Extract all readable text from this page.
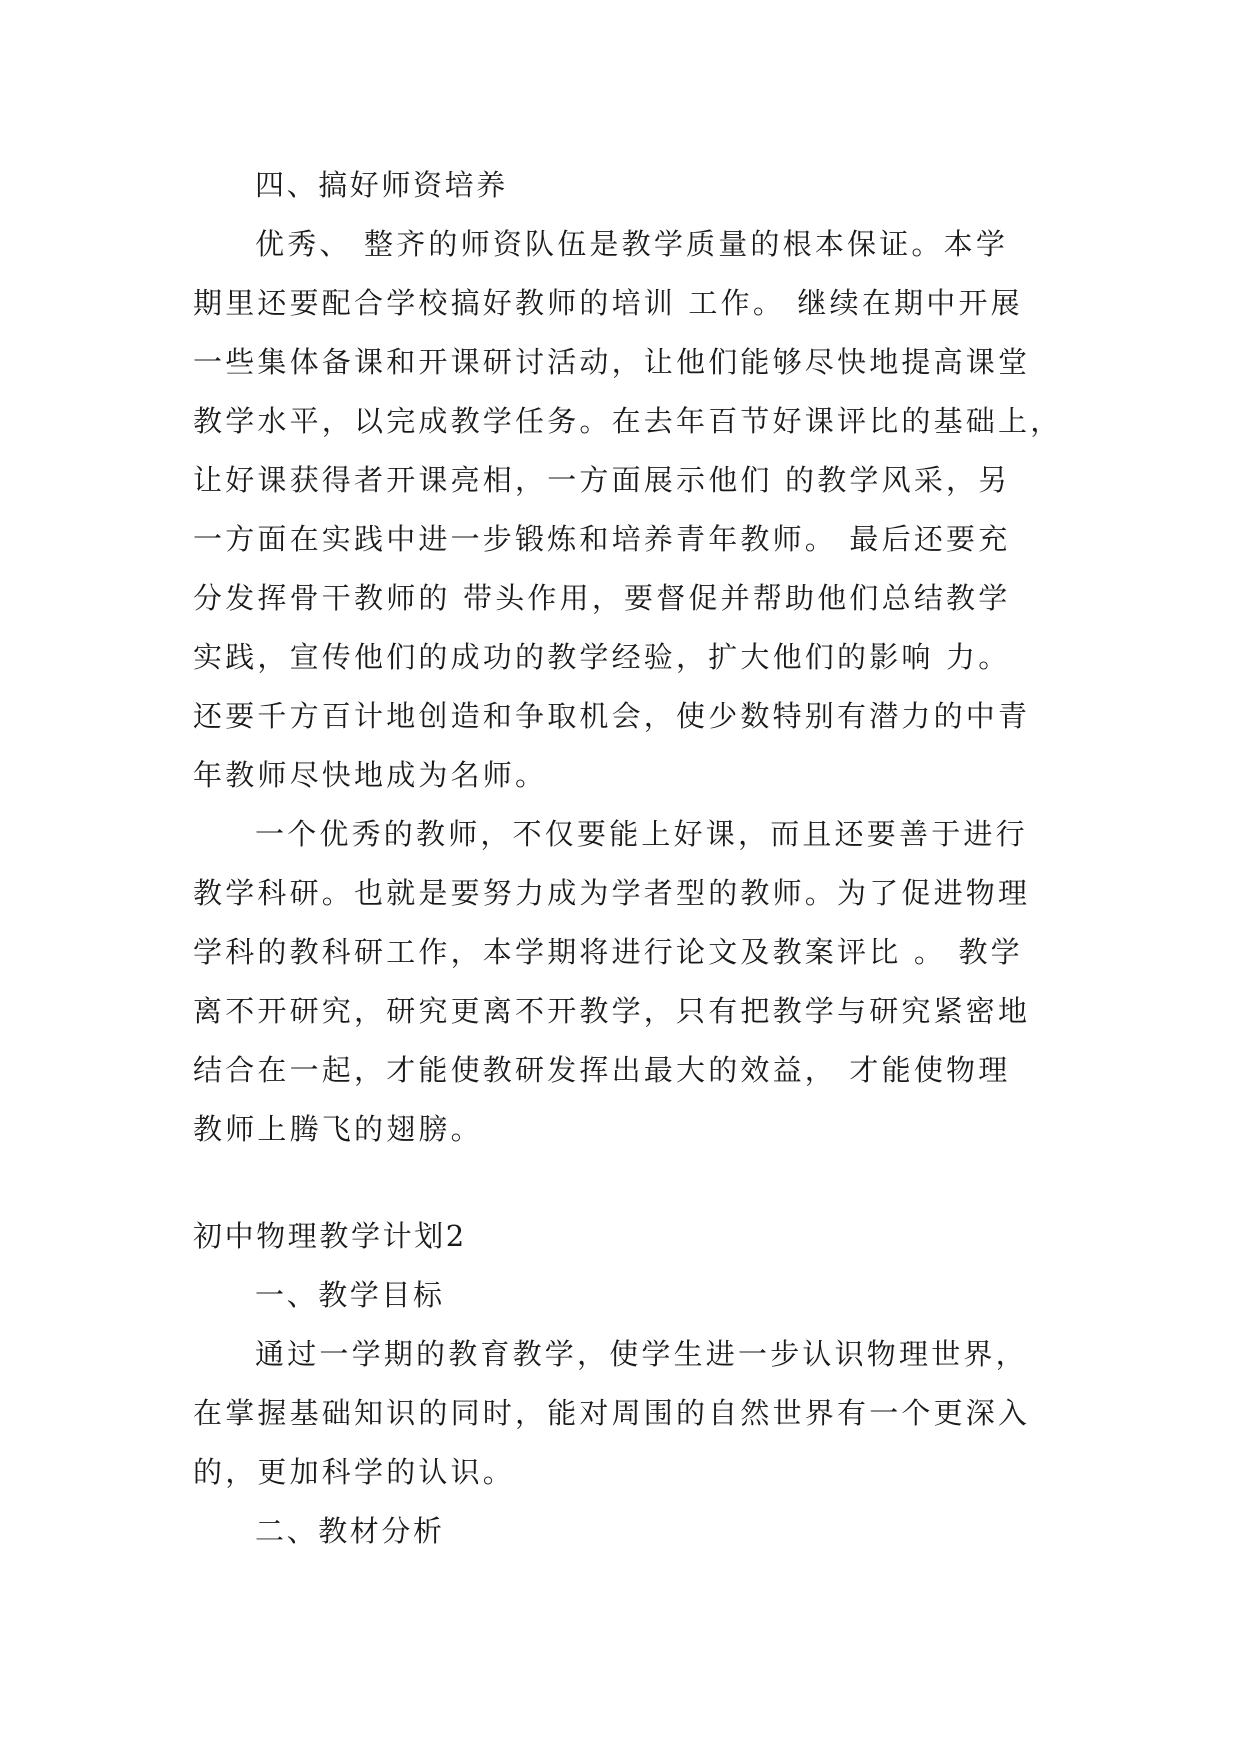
四、搞好师资培养
优秀、 整齐的师资队伍是教学质量的根本保证。本学
期里还要配合学校搞好教师的培训 工作。 继续在期中开展
一些集体备课和开课研讨活动，让他们能够尽快地提高课堂
教学水平，以完成教学任务。在去年百节好课评比的基础上，
让好课获得者开课亮相，一方面展示他们 的教学风采，另
一方面在实践中进一步锻炼和培养青年教师。 最后还要充
分发挥骨干教师的 带头作用，要督促并帮助他们总结教学
实践，宣传他们的成功的教学经验，扩大他们的影响 力。
还要千方百计地创造和争取机会，使少数特别有潜力的中青
年教师尽快地成为名师。
一个优秀的教师，不仅要能上好课，而且还要善于进行
教学科研。也就是要努力成为学者型的教师。为了促进物理
学科的教科研工作，本学期将进行论文及教案评比 。 教学
离不开研究，研究更离不开教学，只有把教学与研究紧密地
结合在一起，才能使教研发挥出最大的效益， 才能使物理
教师上腾飞的翅膀。
初中物理教学计划2
一、教学目标
通过一学期的教育教学，使学生进一步认识物理世界，
在掌握基础知识的同时，能对周围的自然世界有一个更深入
的，更加科学的认识。
二、教材分析
